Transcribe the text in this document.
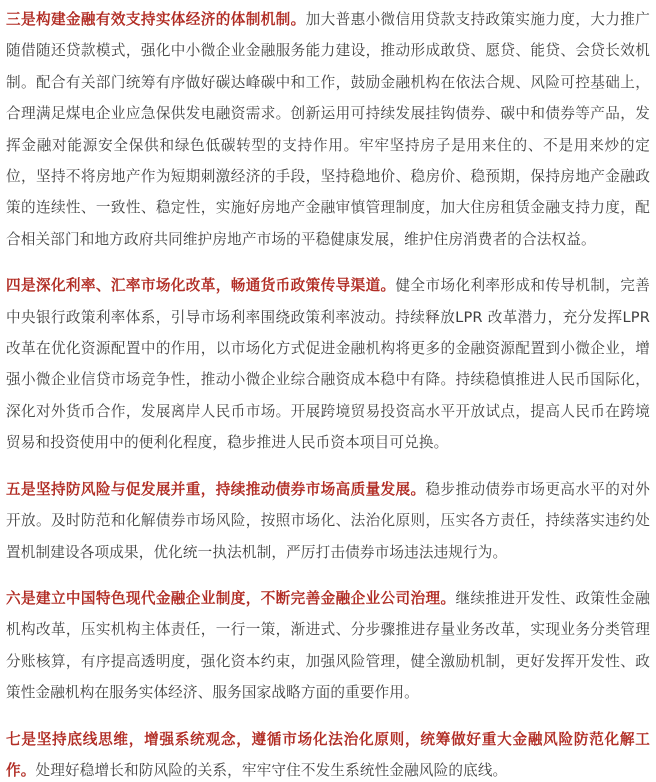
三是构建金融有效支持实体经济的体制机制。加大普惠小微信用贷款支持政策实施力度，大力推广随借随还贷款模式，强化中小微企业金融服务能力建设，推动形成敢贷、愿贷、能贷、会贷长效机制。配合有关部门统筹有序做好碳达峰碳中和工作，鼓励金融机构在依法合规、风险可控基础上，合理满足煤电企业应急保供发电融资需求。创新运用可持续发展挂钩债券、碳中和债券等产品，发挥金融对能源安全保供和绿色低碳转型的支持作用。牢牢坚持房子是用来住的、不是用来炒的定位，坚持不将房地产作为短期刺激经济的手段，坚持稳地价、稳房价、稳预期，保持房地产金融政策的连续性、一致性、稳定性，实施好房地产金融审慎管理制度，加大住房租赁金融支持力度，配合相关部门和地方政府共同维护房地产市场的平稳健康发展，维护住房消费者的合法权益。

四是深化利率、汇率市场化改革，畅通货币政策传导渠道。健全市场化利率形成和传导机制，完善中央银行政策利率体系，引导市场利率围绕政策利率波动。持续释放LPR 改革潜力，充分发挥LPR 改革在优化资源配置中的作用，以市场化方式促进金融机构将更多的金融资源配置到小微企业，增强小微企业信贷市场竞争性，推动小微企业综合融资成本稳中有降。持续稳慎推进人民币国际化，深化对外货币合作，发展离岸人民币市场。开展跨境贸易投资高水平开放试点，提高人民币在跨境贸易和投资使用中的便利化程度，稳步推进人民币资本项目可兑换。

五是坚持防风险与促发展并重，持续推动债券市场高质量发展。稳步推动债券市场更高水平的对外开放。及时防范和化解债券市场风险，按照市场化、法治化原则，压实各方责任，持续落实违约处置机制建设各项成果，优化统一执法机制，严厉打击债券市场违法违规行为。

六是建立中国特色现代金融企业制度，不断完善金融企业公司治理。继续推进开发性、政策性金融机构改革，压实机构主体责任，一行一策，渐进式、分步骤推进存量业务改革，实现业务分类管理分账核算，有序提高透明度，强化资本约束，加强风险管理，健全激励机制，更好发挥开发性、政策性金融机构在服务实体经济、服务国家战略方面的重要作用。

七是坚持底线思维，增强系统观念，遵循市场化法治化原则，统筹做好重大金融风险防范化解工作。处理好稳增长和防风险的关系，牢牢守住不发生系统性金融风险的底线。
